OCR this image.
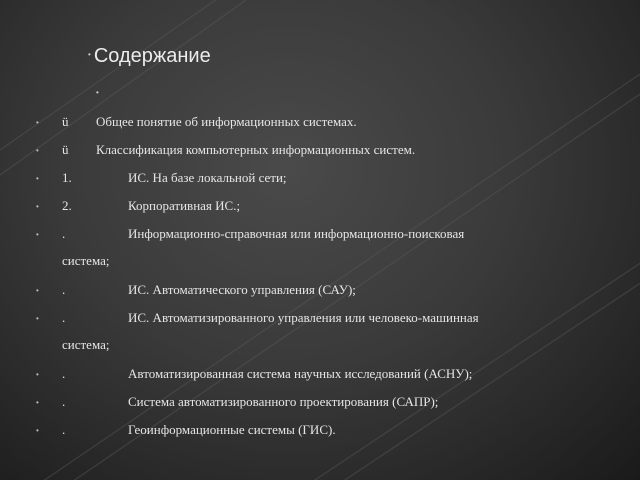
• Содержание
•
• ü Общее понятие об информационных системах.
• ü Классификация компьютерных информационных систем.
• 1.	ИС. На базе локальной сети;
• 2.	Корпоративная ИС.;
• .	Информационно-справочная или информационно-поисковая
система;
• .	ИС. Автоматического управления (САУ);
• .	ИС. Автоматизированного управления или человеко-машинная
система;
• .	Автоматизированная система научных исследований (АСНУ);
• .	Система автоматизированного проектирования (САПР);
• .	Геоинформационные системы (ГИС).
